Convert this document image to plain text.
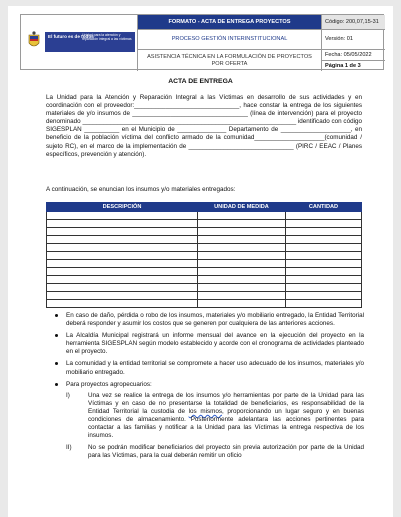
El futuro es de todos
Unidad para la atención y reparación integral a las víctimas
FORMATO - ACTA DE ENTREGA PROYECTOS	Código: 200,07,15-31
PROCESO GESTIÓN INTERINSTITUCIONAL	Versión: 01
ASISTENCIA TÉCNICA EN LA FORMULACIÓN DE PROYECTOS POR OFERTA
Fecha: 05/05/2022
Página 1 de 3
ACTA DE ENTREGA
La Unidad para la Atención y Reparación Integral a las Víctimas en desarrollo de sus actividades y en coordinación con el proveedor:______________________________, hace constar la entrega de los siguientes materiales de y/o insumos de _________________________________ (línea de intervención) para el proyecto denominado _____________________________________________________________ identificado con código SIGESPLAN __________ en el Municipio de ______________ Departamento de ____________________, en beneficio de la población víctima del conflicto armado de la comunidad____________________(comunidad / sujeto RC), en el marco de la implementación de ______________________________ (PIRC / EEAC / Planes específicos, prevención y atención).
A continuación, se enuncian los insumos y/o materiales entregados:
DESCRIPCIÓN	UNIDAD DE MEDIDA	CANTIDAD

En caso de daño, pérdida o robo de los insumos, materiales y/o mobiliario entregado, la Entidad Territorial deberá responder y asumir los costos que se generen por cualquiera de las anteriores acciones.
La Alcaldía Municipal registrará un informe mensual del avance en la ejecución del proyecto en la herramienta SIGESPLAN según modelo establecido y acorde con el cronograma de actividades planteado en el proyecto.
La comunidad y la entidad territorial se compromete a hacer uso adecuado de los insumos, materiales y/o mobiliario entregado.
Para proyectos agropecuarios:
I)	Una vez se realice la entrega de los insumos y/o herramientas por parte de la Unidad para las Víctimas y en caso de no presentarse la totalidad de beneficiarios, es responsabilidad de la Entidad Territorial la custodia de los mismos, proporcionando un lugar seguro y en buenas condiciones de almacenamiento. Posteriormente adelantara las acciones pertinentes para contactar a las familias y notificar a la Unidad para las Víctimas la entrega respectiva de los insumos.
II)	No se podrán modificar beneficiarios del proyecto sin previa autorización por parte de la Unidad para las Víctimas, para la cual deberán remitir un oficio
